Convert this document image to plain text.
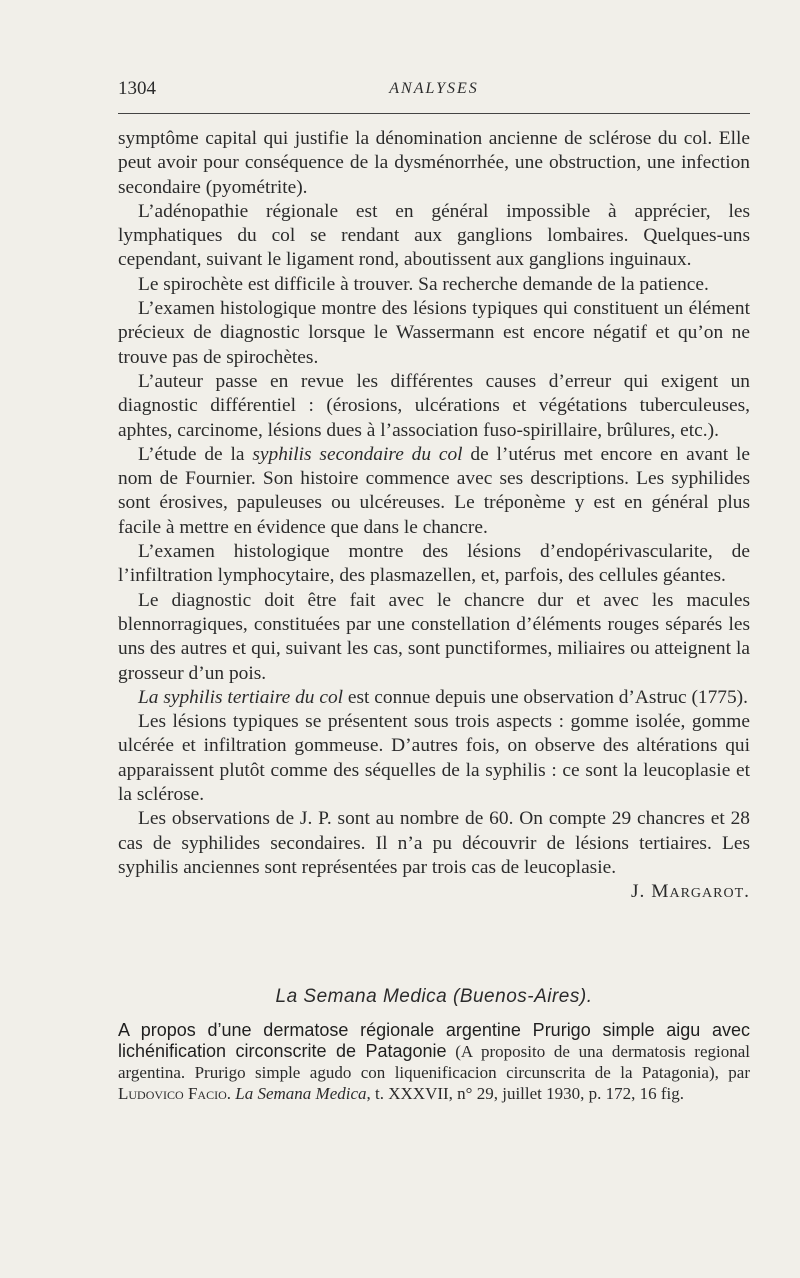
1304	ANALYSES

symptôme capital qui justifie la dénomination ancienne de sclérose du col. Elle peut avoir pour conséquence de la dysménorrhée, une obstruction, une infection secondaire (pyométrite).

L’adénopathie régionale est en général impossible à apprécier, les lymphatiques du col se rendant aux ganglions lombaires. Quelques-uns cependant, suivant le ligament rond, aboutissent aux ganglions inguinaux.

Le spirochète est difficile à trouver. Sa recherche demande de la patience.

L’examen histologique montre des lésions typiques qui constituent un élément précieux de diagnostic lorsque le Wassermann est encore négatif et qu’on ne trouve pas de spirochètes.

L’auteur passe en revue les différentes causes d’erreur qui exigent un diagnostic différentiel : (érosions, ulcérations et végétations tuberculeuses, aphtes, carcinome, lésions dues à l’association fuso-spirillaire, brûlures, etc.).

L’étude de la syphilis secondaire du col de l’utérus met encore en avant le nom de Fournier. Son histoire commence avec ses descriptions. Les syphilides sont érosives, papuleuses ou ulcéreuses. Le tréponème y est en général plus facile à mettre en évidence que dans le chancre.

L’examen histologique montre des lésions d’endopérivascularite, de l’infiltration lymphocytaire, des plasmazellen, et, parfois, des cellules géantes.

Le diagnostic doit être fait avec le chancre dur et avec les macules blennorragiques, constituées par une constellation d’éléments rouges séparés les uns des autres et qui, suivant les cas, sont punctiformes, miliaires ou atteignent la grosseur d’un pois.

La syphilis tertiaire du col est connue depuis une observation d’Astruc (1775).

Les lésions typiques se présentent sous trois aspects : gomme isolée, gomme ulcérée et infiltration gommeuse. D’autres fois, on observe des altérations qui apparaissent plutôt comme des séquelles de la syphilis : ce sont la leucoplasie et la sclérose.

Les observations de J. P. sont au nombre de 60. On compte 29 chancres et 28 cas de syphilides secondaires. Il n’a pu découvrir de lésions tertiaires. Les syphilis anciennes sont représentées par trois cas de leucoplasie.
J. Margarot.

La Semana Medica (Buenos-Aires).
A propos d’une dermatose régionale argentine Prurigo simple aigu avec lichénification circonscrite de Patagonie (A proposito de una dermatosis regional argentina. Prurigo simple agudo con liquenificacion circunscrita de la Patagonia), par Ludovico Facio. La Semana Medica, t. XXXVII, n° 29, juillet 1930, p. 172, 16 fig.
